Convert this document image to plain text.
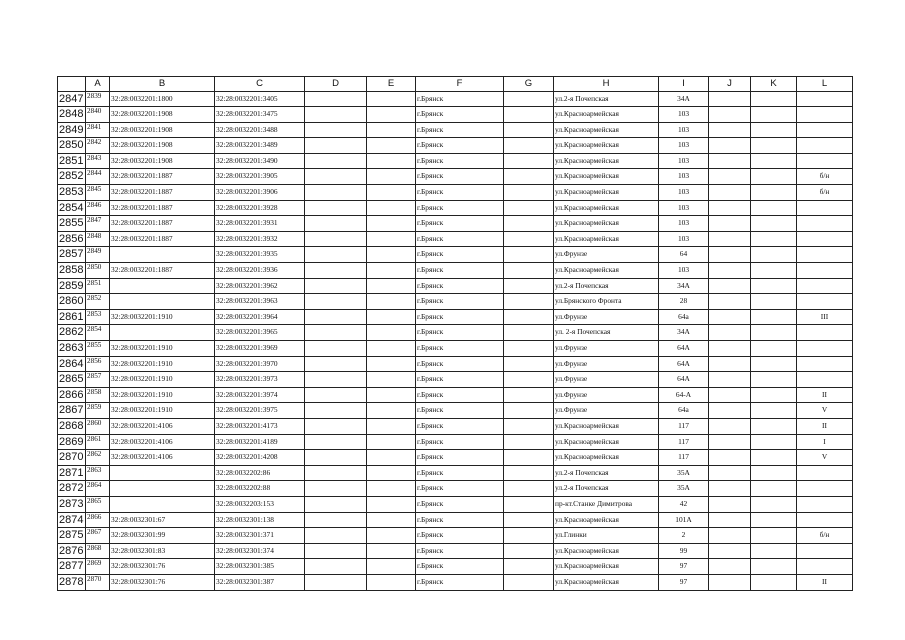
	A	B	C	D	E	F	G	H	I	J	K	L
2847	2839	32:28:0032201:1800	32:28:0032201:3405			г.Брянск		ул.2-я Почепская	34А			
2848	2840	32:28:0032201:1908	32:28:0032201:3475			г.Брянск		ул.Красноармейская	103			
2849	2841	32:28:0032201:1908	32:28:0032201:3488			г.Брянск		ул.Красноармейская	103			
2850	2842	32:28:0032201:1908	32:28:0032201:3489			г.Брянск		ул.Красноармейская	103			
2851	2843	32:28:0032201:1908	32:28:0032201:3490			г.Брянск		ул.Красноармейская	103			
2852	2844	32:28:0032201:1887	32:28:0032201:3905			г.Брянск		ул.Красноармейская	103			б/н
2853	2845	32:28:0032201:1887	32:28:0032201:3906			г.Брянск		ул.Красноармейская	103			б/н
2854	2846	32:28:0032201:1887	32:28:0032201:3928			г.Брянск		ул.Красноармейская	103			
2855	2847	32:28:0032201:1887	32:28:0032201:3931			г.Брянск		ул.Красноармейская	103			
2856	2848	32:28:0032201:1887	32:28:0032201:3932			г.Брянск		ул.Красноармейская	103			
2857	2849		32:28:0032201:3935			г.Брянск		ул.Фрунзе	64			
2858	2850	32:28:0032201:1887	32:28:0032201:3936			г.Брянск		ул.Красноармейская	103			
2859	2851		32:28:0032201:3962			г.Брянск		ул.2-я Почепская	34А			
2860	2852		32:28:0032201:3963			г.Брянск		ул.Брянского Фронта	28			
2861	2853	32:28:0032201:1910	32:28:0032201:3964			г.Брянск		ул.Фрунзе	64а			III
2862	2854		32:28:0032201:3965			г.Брянск		ул. 2-я Почепская	34А			
2863	2855	32:28:0032201:1910	32:28:0032201:3969			г.Брянск		ул.Фрунзе	64А			
2864	2856	32:28:0032201:1910	32:28:0032201:3970			г.Брянск		ул.Фрунзе	64А			
2865	2857	32:28:0032201:1910	32:28:0032201:3973			г.Брянск		ул.Фрунзе	64А			
2866	2858	32:28:0032201:1910	32:28:0032201:3974			г.Брянск		ул.Фрунзе	64-А			II
2867	2859	32:28:0032201:1910	32:28:0032201:3975			г.Брянск		ул.Фрунзе	64а			V
2868	2860	32:28:0032201:4106	32:28:0032201:4173			г.Брянск		ул.Красноармейская	117			II
2869	2861	32:28:0032201:4106	32:28:0032201:4189			г.Брянск		ул.Красноармейская	117			I
2870	2862	32:28:0032201:4106	32:28:0032201:4208			г.Брянск		ул.Красноармейская	117			V
2871	2863		32:28:0032202:86			г.Брянск		ул.2-я Почепская	35А			
2872	2864		32:28:0032202:88			г.Брянск		ул.2-я Почепская	35А			
2873	2865		32:28:0032203:153			г.Брянск		пр-кт.Станке Димитрова	42			
2874	2866	32:28:0032301:67	32:28:0032301:138			г.Брянск		ул.Красноармейская	101А			
2875	2867	32:28:0032301:99	32:28:0032301:371			г.Брянск		ул.Глинки	2			б/н
2876	2868	32:28:0032301:83	32:28:0032301:374			г.Брянск		ул.Красноармейская	99			
2877	2869	32:28:0032301:76	32:28:0032301:385			г.Брянск		ул.Красноармейская	97			
2878	2870	32:28:0032301:76	32:28:0032301:387			г.Брянск		ул.Красноармейская	97			II
